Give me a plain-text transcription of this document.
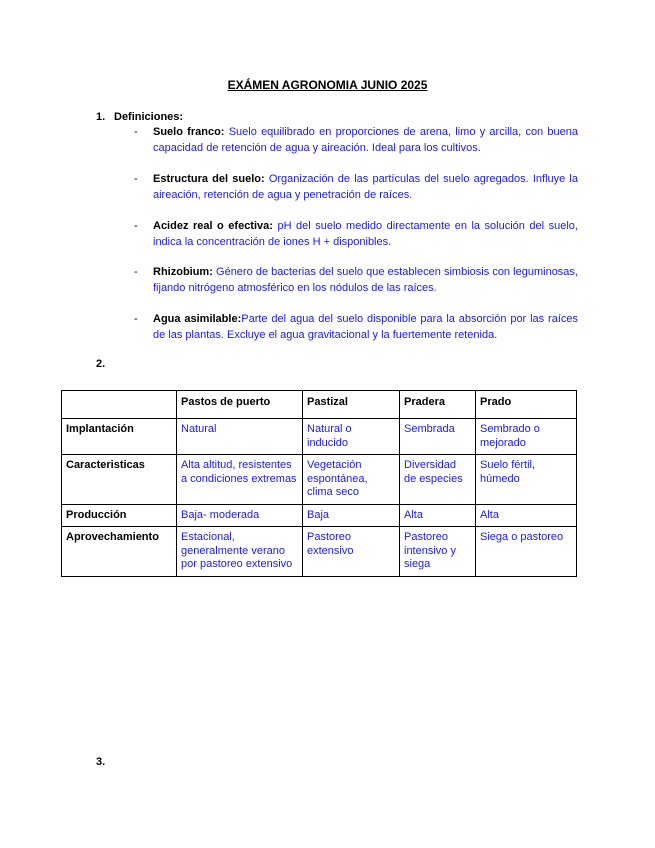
EXÁMEN AGRONOMIA JUNIO 2025
1. Definiciones:
- Suelo franco: Suelo equilibrado en proporciones de arena, limo y arcilla, con buena capacidad de retención de agua y aireación. Ideal para los cultivos.
- Estructura del suelo: Organización de las partículas del suelo agregados. Influye la aireación, retención de agua y penetración de raíces.
- Acidez real o efectiva: pH del suelo medido directamente en la solución del suelo, indica la concentración de iones H + disponibles.
- Rhizobium: Género de bacterias del suelo que establecen simbiosis con leguminosas, fijando nitrógeno atmosférico en los nódulos de las raíces.
- Agua asimilable:Parte del agua del suelo disponible para la absorción por las raíces de las plantas. Excluye el agua gravitacional y la fuertemente retenida.
2.
	Pastos de puerto	Pastizal	Pradera	Prado
Implantación	Natural	Natural o inducido	Sembrada	Sembrado o mejorado
Caracteristicas	Alta altitud, resistentes a condiciones extremas	Vegetación espontánea, clima seco	Diversidad de especies	Suelo fértil, húmedo
Producción	Baja- moderada	Baja	Alta	Alta
Aprovechamiento	Estacional, generalmente verano por pastoreo extensivo	Pastoreo extensivo	Pastoreo intensivo y siega	Siega o pastoreo
3.
